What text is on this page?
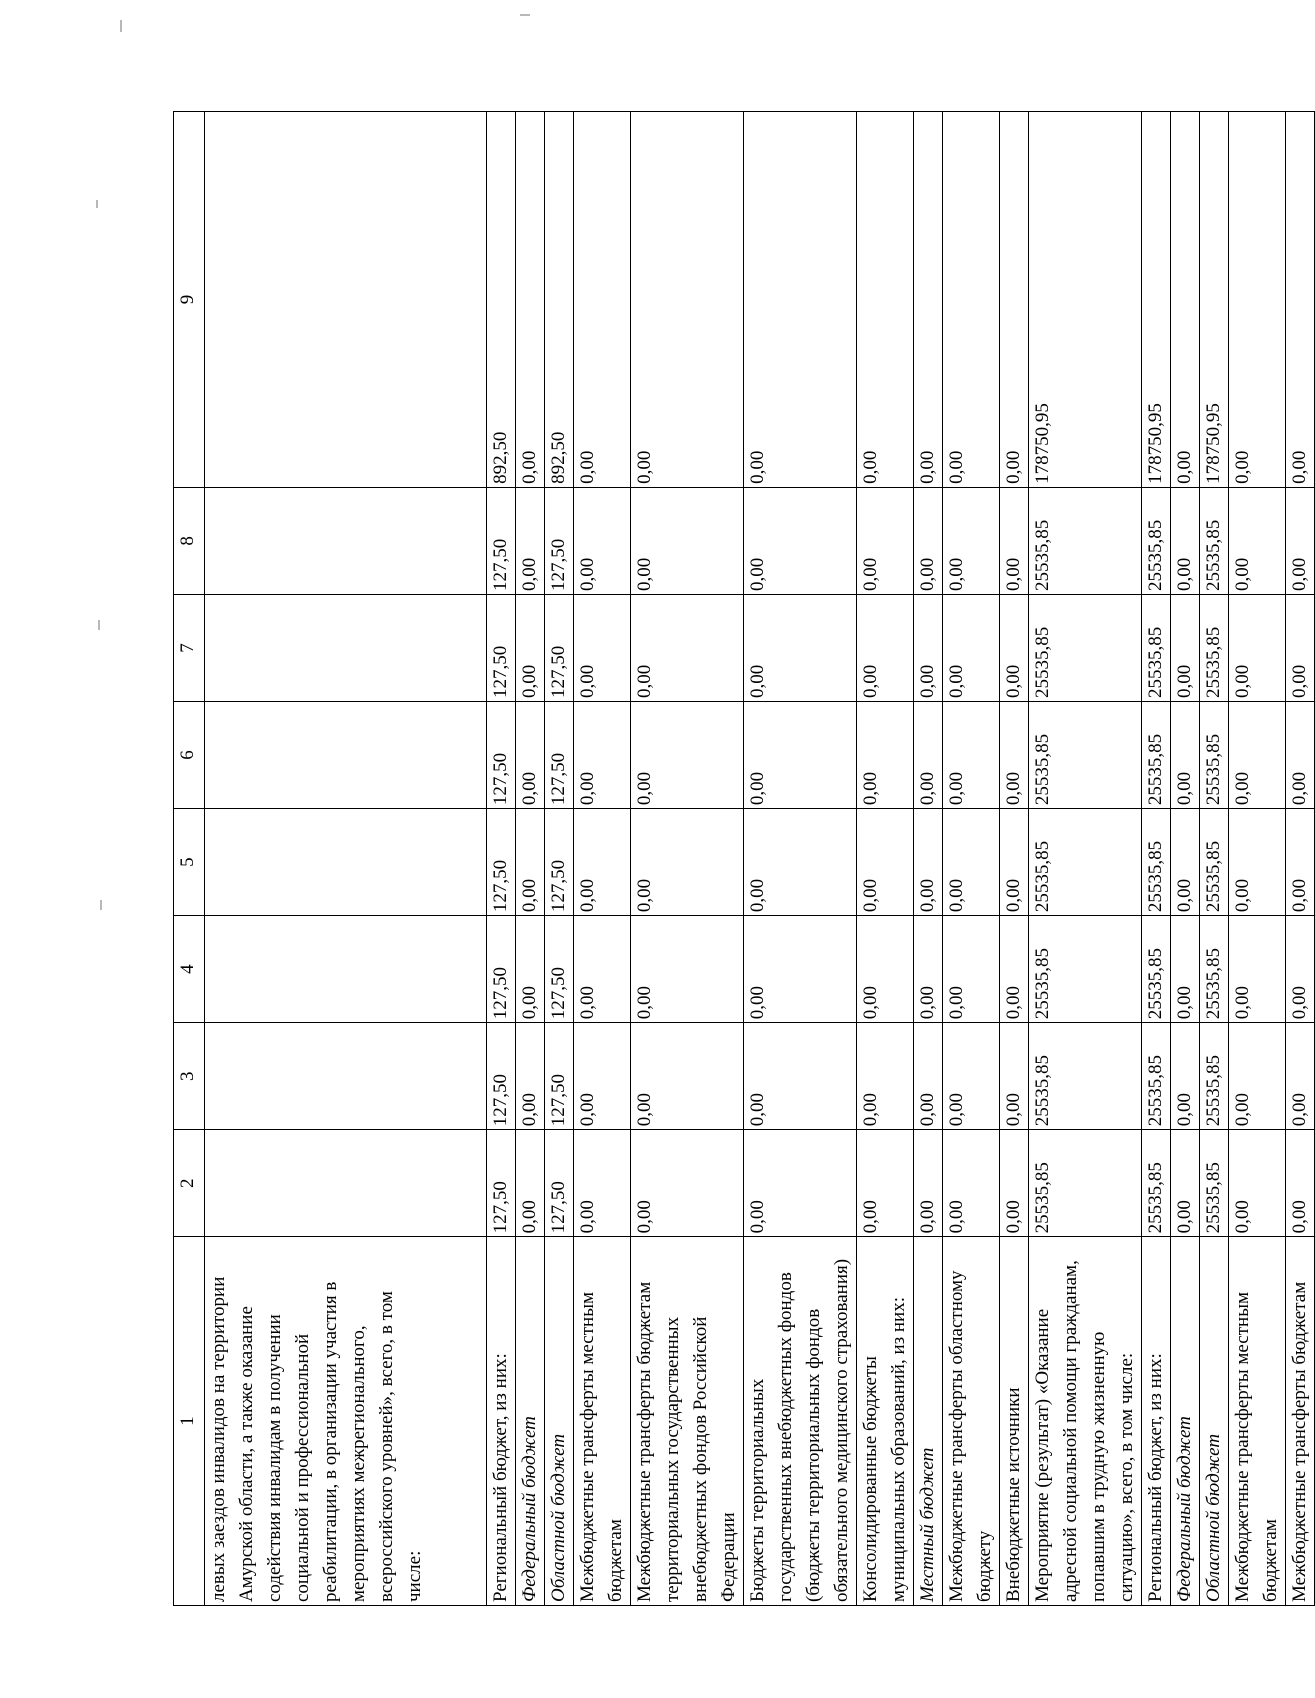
1	2	3	4	5	6	7	8	9
левых заездов инвалидов на территории Амурской области, а также оказание содействия инвалидам в получении социальной и профессиональной реабилитации, в организации участия в мероприятиях межрегионального, всероссийского уровней», всего, в том числе:								
Региональный бюджет, из них:	127,50	127,50	127,50	127,50	127,50	127,50	127,50	892,50
Федеральный бюджет	0,00	0,00	0,00	0,00	0,00	0,00	0,00	0,00
Областной бюджет	127,50	127,50	127,50	127,50	127,50	127,50	127,50	892,50
Межбюджетные трансферты местным бюджетам	0,00	0,00	0,00	0,00	0,00	0,00	0,00	0,00
Межбюджетные трансферты бюджетам территориальных государственных внебюджетных фондов Российской Федерации	0,00	0,00	0,00	0,00	0,00	0,00	0,00	0,00
Бюджеты территориальных государственных внебюджетных фондов (бюджеты территориальных фондов обязательного медицинского страхования)	0,00	0,00	0,00	0,00	0,00	0,00	0,00	0,00
Консолидированные бюджеты муниципальных образований, из них:	0,00	0,00	0,00	0,00	0,00	0,00	0,00	0,00
Местный бюджет	0,00	0,00	0,00	0,00	0,00	0,00	0,00	0,00
Межбюджетные трансферты областному бюджету	0,00	0,00	0,00	0,00	0,00	0,00	0,00	0,00
Внебюджетные источники	0,00	0,00	0,00	0,00	0,00	0,00	0,00	0,00
Мероприятие (результат) «Оказание адресной социальной помощи гражданам, попавшим в трудную жизненную ситуацию», всего, в том числе:	25535,85	25535,85	25535,85	25535,85	25535,85	25535,85	25535,85	178750,95
Региональный бюджет, из них:	25535,85	25535,85	25535,85	25535,85	25535,85	25535,85	25535,85	178750,95
Федеральный бюджет	0,00	0,00	0,00	0,00	0,00	0,00	0,00	0,00
Областной бюджет	25535,85	25535,85	25535,85	25535,85	25535,85	25535,85	25535,85	178750,95
Межбюджетные трансферты местным бюджетам	0,00	0,00	0,00	0,00	0,00	0,00	0,00	0,00
Межбюджетные трансферты бюджетам	0,00	0,00	0,00	0,00	0,00	0,00	0,00	0,00
